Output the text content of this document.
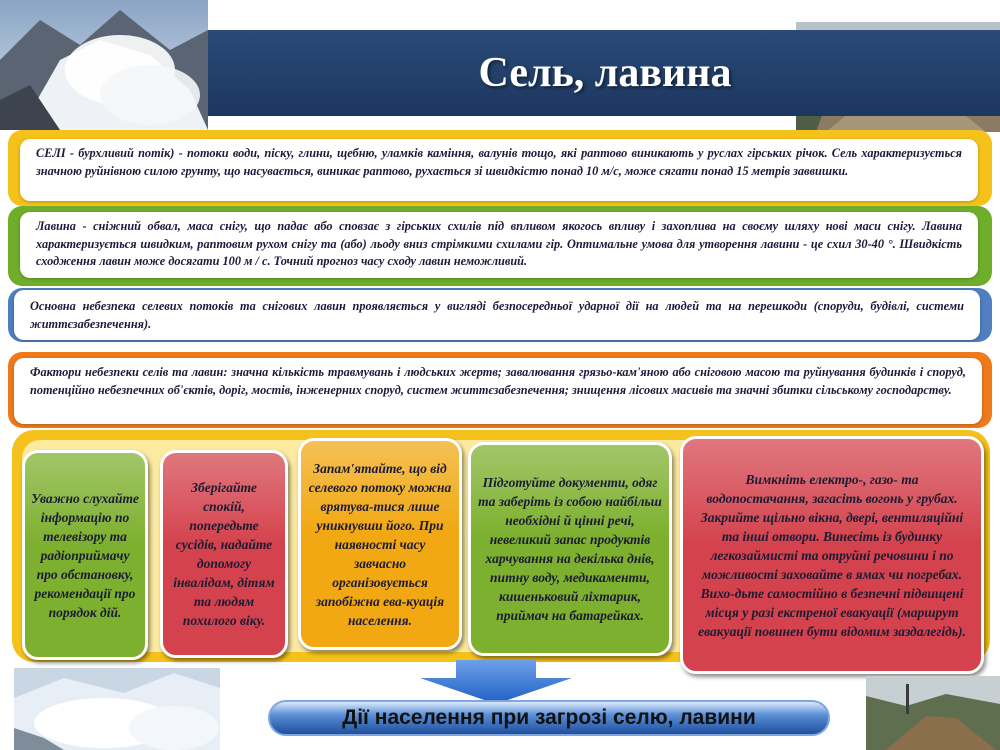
Сель, лавина
СЕЛІ - бурхливий потік) - потоки води, піску, глини, щебню, уламків каміння, валунів тощо, які раптово виникають у руслах гірських річок. Сель характеризується значною руйнівною силою грунту, що насувається, виникає раптово, рухається зі швидкістю понад 10 м/с, може сягати понад 15 метрів заввишки.
Лавина - сніжний обвал, маса снігу, що падає або сповзає з гірських схилів під впливом якогось впливу і захоплива на своєму шляху нові маси снігу. Лавина характеризується швидким, раптовим рухом снігу та (або) льоду вниз стрімкими схилами гір. Оптимальне умова для утворення лавини - це схил 30-40 °. Швидкість сходження лавин може досягати 100 м / с. Точний прогноз часу сходу лавин неможливий.
Основна небезпека селевих потоків та снігових лавин проявляється у вигляді безпосередньої ударної дії на людей та на перешкоди (споруди, будівлі, системи життєзабезпечення).
Фактори небезпеки селів та лавин: значна кількість травмувань і людських жертв; завалювання грязьо-кам'яною або сніговою масою та руйнування будинків і споруд, потенційно небезпечних об'єктів, доріг, мостів, інженерних споруд, систем життєзабезпечення; знищення лісових масивів та значні збитки сільському господарству.
Уважно слухайте інформацію по телевізору та радіоприймачу про обстановку, рекомендації про порядок дій.
Зберігайте спокій, попередьте сусідів, надайте допомогу інвалідам, дітям та людям похилого віку.
Запам'ятайте, що від селевого потоку можна врятува-тися лише уникнувши його. При наявності часу завчасно організовується запобіжна ева-куація населення.
Підготуйте документи, одяг та заберіть із собою найбільш необхідні й цінні речі, невеликий запас продуктів харчування на декілька днів, питну воду, медикаменти, кишеньковий ліхтарик, приймач на батарейках.
Вимкніть електро-, газо- та водопостачання, загасіть вогонь у грубах. Закрийте щільно вікна, двері, вентиляційні та інші отвори. Винесіть із будинку легкозаймисті та отруйні речовини і по можливості заховайте в ямах чи погребах. Вихо-дьте самостійно в безпечні підвищені місця у разі екстреної евакуації (маршрут евакуації повинен бути відомим заздалегідь).
Дії населення при загрозі селю, лавини
